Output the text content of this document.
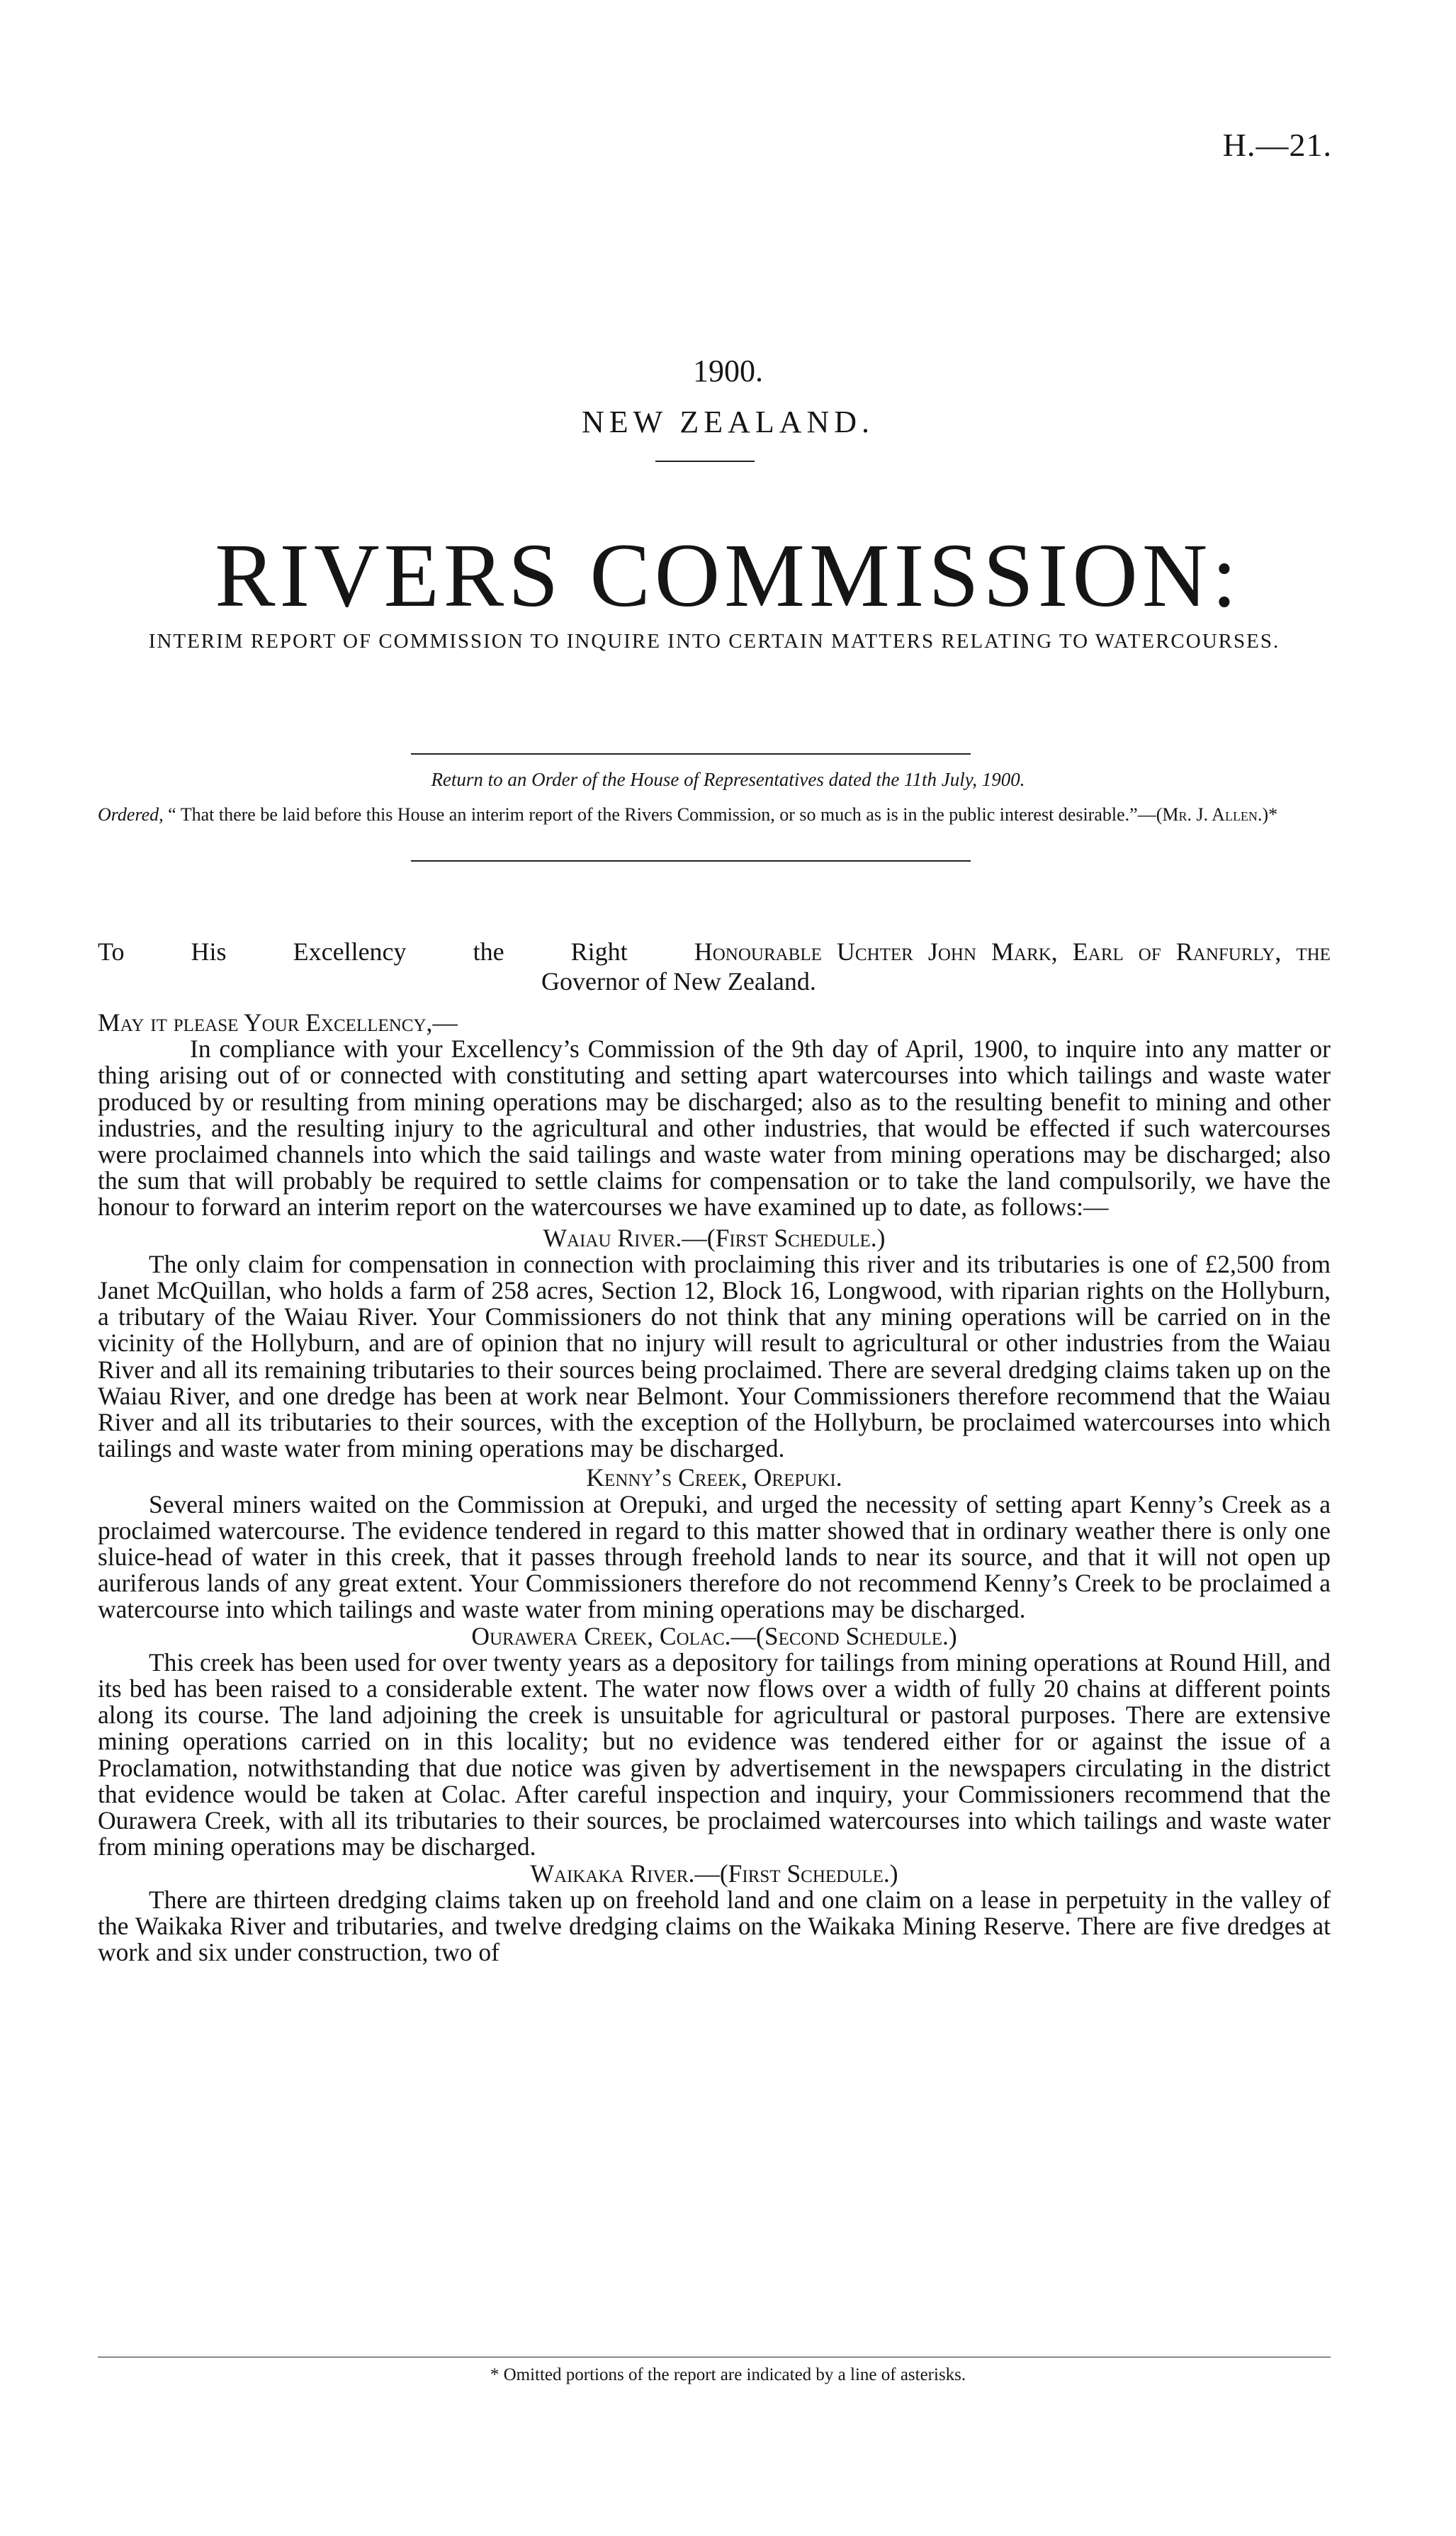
H.—21.
1900.
NEW ZEALAND.
RIVERS COMMISSION:
INTERIM REPORT OF COMMISSION TO INQUIRE INTO CERTAIN MATTERS RELATING TO WATERCOURSES.
Return to an Order of the House of Representatives dated the 11th July, 1900.
Ordered, “ That there be laid before this House an interim report of the Rivers Commission, or so much as is in the public interest desirable.”—(Mr. J. Allen.)*
To	His	Excellency	the	Right	Honourable Uchter John Mark, Earl of Ranfurly, the
Governor of New Zealand.

May it please Your Excellency,—

In compliance with your Excellency’s Commission of the 9th day of April, 1900, to inquire into any matter or thing arising out of or connected with constituting and setting apart watercourses into which tailings and waste water produced by or resulting from mining operations may be discharged; also as to the resulting benefit to mining and other industries, and the resulting injury to the agricultural and other industries, that would be effected if such watercourses were proclaimed channels into which the said tailings and waste water from mining operations may be discharged; also the sum that will probably be required to settle claims for compensation or to take the land compulsorily, we have the honour to forward an interim report on the watercourses we have examined up to date, as follows:—

Waiau River.—(First Schedule.)

The only claim for compensation in connection with proclaiming this river and its tributaries is one of £2,500 from Janet McQuillan, who holds a farm of 258 acres, Section 12, Block 16, Longwood, with riparian rights on the Hollyburn, a tributary of the Waiau River. Your Commissioners do not think that any mining operations will be carried on in the vicinity of the Hollyburn, and are of opinion that no injury will result to agricultural or other industries from the Waiau River and all its remaining tributaries to their sources being proclaimed. There are several dredging claims taken up on the Waiau River, and one dredge has been at work near Belmont. Your Commissioners therefore recommend that the Waiau River and all its tributaries to their sources, with the exception of the Hollyburn, be proclaimed watercourses into which tailings and waste water from mining operations may be discharged.

Kenny’s Creek, Orepuki.

Several miners waited on the Commission at Orepuki, and urged the necessity of setting apart Kenny’s Creek as a proclaimed watercourse. The evidence tendered in regard to this matter showed that in ordinary weather there is only one sluice-head of water in this creek, that it passes through freehold lands to near its source, and that it will not open up auriferous lands of any great extent. Your Commissioners therefore do not recommend Kenny’s Creek to be proclaimed a watercourse into which tailings and waste water from mining operations may be discharged.

Ourawera Creek, Colac.—(Second Schedule.)

This creek has been used for over twenty years as a depository for tailings from mining operations at Round Hill, and its bed has been raised to a considerable extent. The water now flows over a width of fully 20 chains at different points along its course. The land adjoining the creek is unsuitable for agricultural or pastoral purposes. There are extensive mining operations carried on in this locality; but no evidence was tendered either for or against the issue of a Proclamation, notwithstanding that due notice was given by advertisement in the newspapers circulating in the district that evidence would be taken at Colac. After careful inspection and inquiry, your Commissioners recommend that the Ourawera Creek, with all its tributaries to their sources, be proclaimed watercourses into which tailings and waste water from mining operations may be discharged.

Waikaka River.—(First Schedule.)

There are thirteen dredging claims taken up on freehold land and one claim on a lease in perpetuity in the valley of the Waikaka River and tributaries, and twelve dredging claims on the Waikaka Mining Reserve. There are five dredges at work and six under construction, two of

* Omitted portions of the report are indicated by a line of asterisks.
